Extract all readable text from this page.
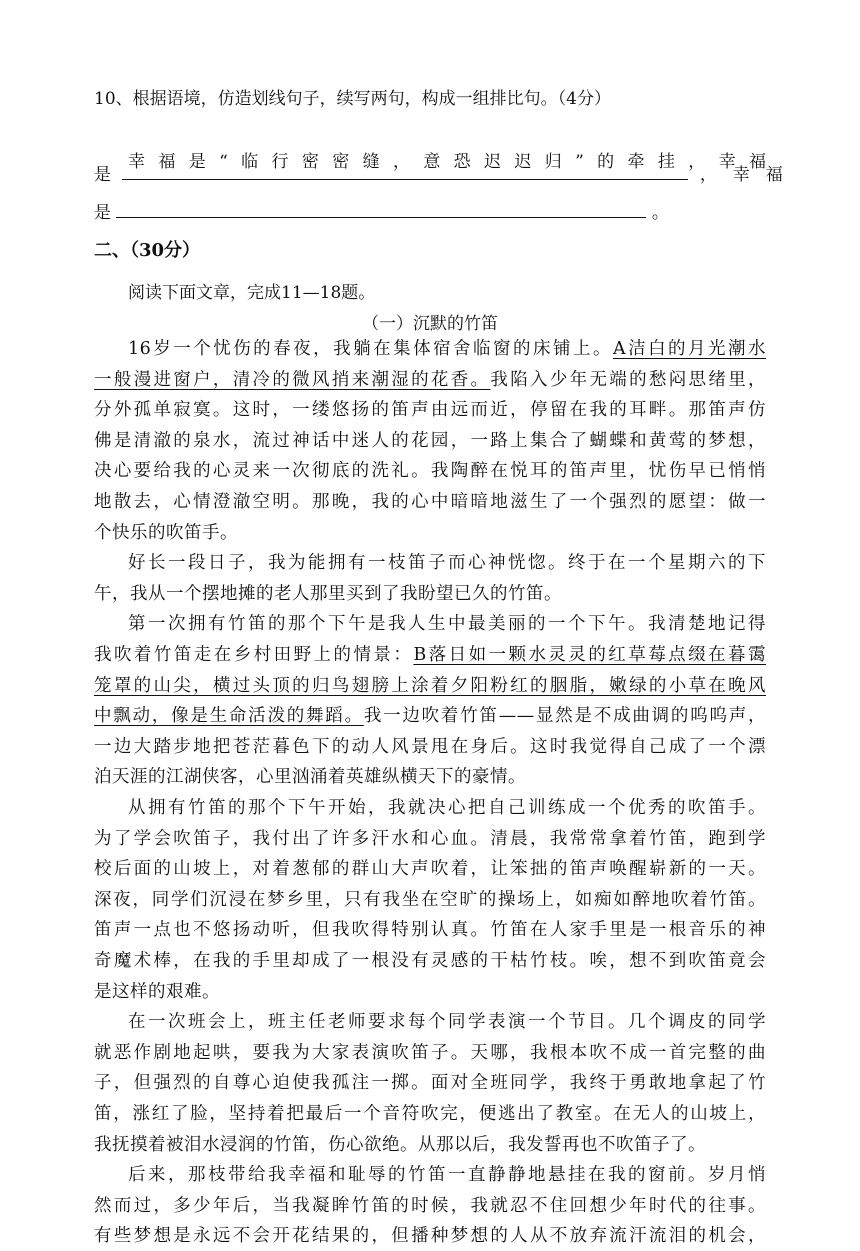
10、根据语境，仿造划线句子，续写两句，构成一组排比句。（4分）
幸福是“临行密密缝，意恐迟迟归”的牵挂，幸福
是	，幸福
是	。
二、（30分）
阅读下面文章，完成11—18题。
（一）沉默的竹笛
16岁一个忧伤的春夜，我躺在集体宿舍临窗的床铺上。A洁白的月光潮水
一般漫进窗户，清冷的微风捎来潮湿的花香。我陷入少年无端的愁闷思绪里，
分外孤单寂寞。这时，一缕悠扬的笛声由远而近，停留在我的耳畔。那笛声仿
佛是清澈的泉水，流过神话中迷人的花园，一路上集合了蝴蝶和黄莺的梦想，
决心要给我的心灵来一次彻底的洗礼。我陶醉在悦耳的笛声里，忧伤早已悄悄
地散去，心情澄澈空明。那晚，我的心中暗暗地滋生了一个强烈的愿望：做一
个快乐的吹笛手。
好长一段日子，我为能拥有一枝笛子而心神恍惚。终于在一个星期六的下
午，我从一个摆地摊的老人那里买到了我盼望已久的竹笛。
第一次拥有竹笛的那个下午是我人生中最美丽的一个下午。我清楚地记得
我吹着竹笛走在乡村田野上的情景：B落日如一颗水灵灵的红草莓点缀在暮霭
笼罩的山尖，横过头顶的归鸟翅膀上涂着夕阳粉红的胭脂，嫩绿的小草在晚风
中飘动，像是生命活泼的舞蹈。我一边吹着竹笛——显然是不成曲调的呜呜声，
一边大踏步地把苍茫暮色下的动人风景甩在身后。这时我觉得自己成了一个漂
泊天涯的江湖侠客，心里汹涌着英雄纵横天下的豪情。
从拥有竹笛的那个下午开始，我就决心把自己训练成一个优秀的吹笛手。
为了学会吹笛子，我付出了许多汗水和心血。清晨，我常常拿着竹笛，跑到学
校后面的山坡上，对着葱郁的群山大声吹着，让笨拙的笛声唤醒崭新的一天。
深夜，同学们沉浸在梦乡里，只有我坐在空旷的操场上，如痴如醉地吹着竹笛。
笛声一点也不悠扬动听，但我吹得特别认真。竹笛在人家手里是一根音乐的神
奇魔术棒，在我的手里却成了一根没有灵感的干枯竹枝。唉，想不到吹笛竟会
是这样的艰难。
在一次班会上，班主任老师要求每个同学表演一个节目。几个调皮的同学
就恶作剧地起哄，要我为大家表演吹笛子。天哪，我根本吹不成一首完整的曲
子，但强烈的自尊心迫使我孤注一掷。面对全班同学，我终于勇敢地拿起了竹
笛，涨红了脸，坚持着把最后一个音符吹完，便逃出了教室。在无人的山坡上，
我抚摸着被泪水浸润的竹笛，伤心欲绝。从那以后，我发誓再也不吹笛子了。
后来，那枝带给我幸福和耻辱的竹笛一直静静地悬挂在我的窗前。岁月悄
然而过，多少年后，当我凝眸竹笛的时候，我就忍不住回想少年时代的往事。
有些梦想是永远不会开花结果的，但播种梦想的人从不放弃流汗流泪的机会，
